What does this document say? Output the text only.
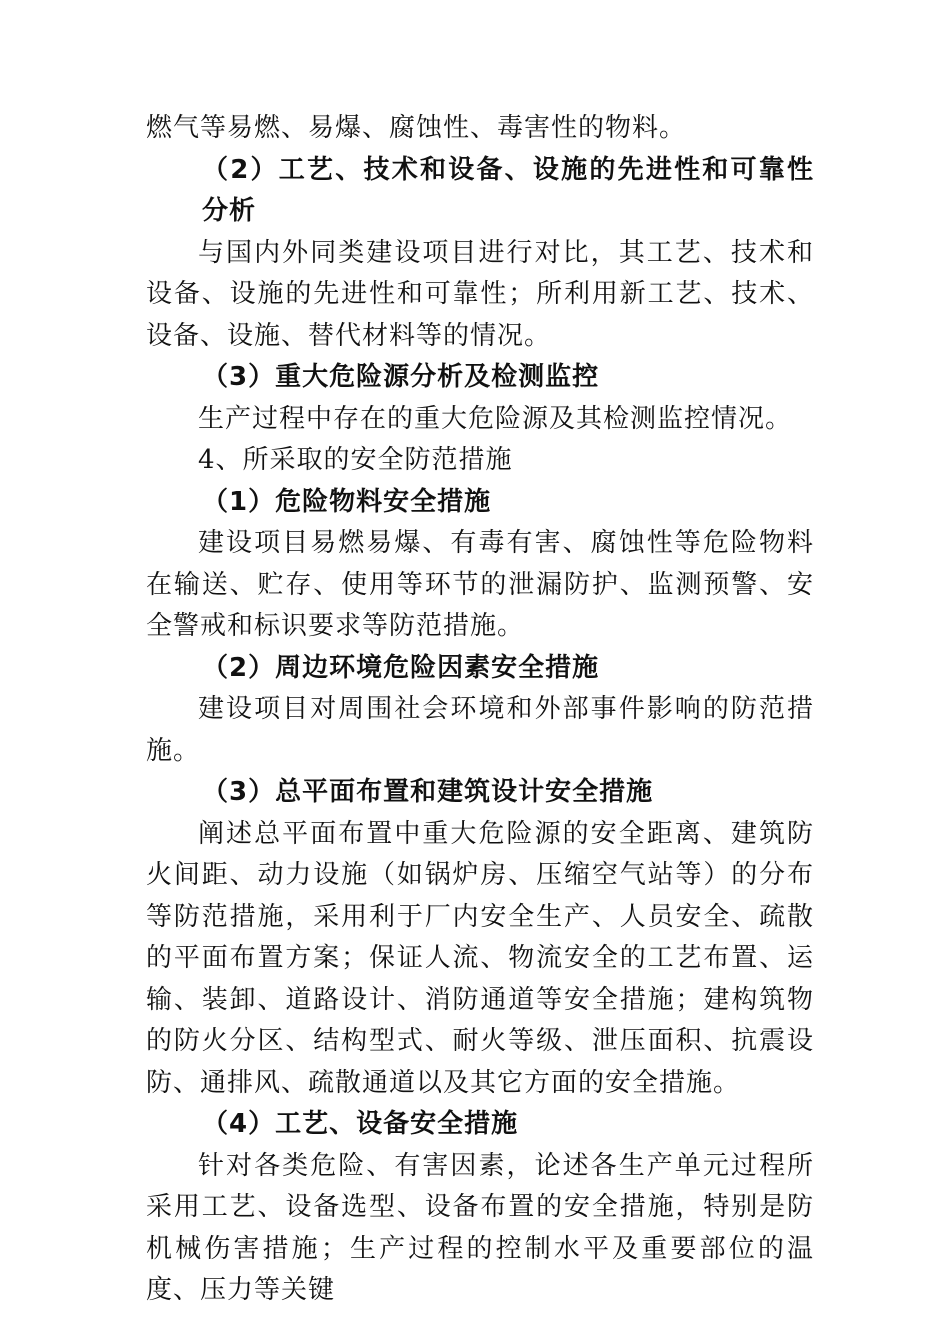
燃气等易燃、易爆、腐蚀性、毒害性的物料。

（2）工艺、技术和设备、设施的先进性和可靠性分析

与国内外同类建设项目进行对比，其工艺、技术和设备、设施的先进性和可靠性；所利用新工艺、技术、设备、设施、替代材料等的情况。

（3）重大危险源分析及检测监控

生产过程中存在的重大危险源及其检测监控情况。

4、所采取的安全防范措施

（1）危险物料安全措施

建设项目易燃易爆、有毒有害、腐蚀性等危险物料在输送、贮存、使用等环节的泄漏防护、监测预警、安全警戒和标识要求等防范措施。

（2）周边环境危险因素安全措施

建设项目对周围社会环境和外部事件影响的防范措施。

（3）总平面布置和建筑设计安全措施

阐述总平面布置中重大危险源的安全距离、建筑防火间距、动力设施（如锅炉房、压缩空气站等）的分布等防范措施，采用利于厂内安全生产、人员安全、疏散的平面布置方案；保证人流、物流安全的工艺布置、运输、装卸、道路设计、消防通道等安全措施；建构筑物的防火分区、结构型式、耐火等级、泄压面积、抗震设防、通排风、疏散通道以及其它方面的安全措施。

（4）工艺、设备安全措施

针对各类危险、有害因素，论述各生产单元过程所采用工艺、设备选型、设备布置的安全措施，特别是防机械伤害措施；生产过程的控制水平及重要部位的温度、压力等关键
